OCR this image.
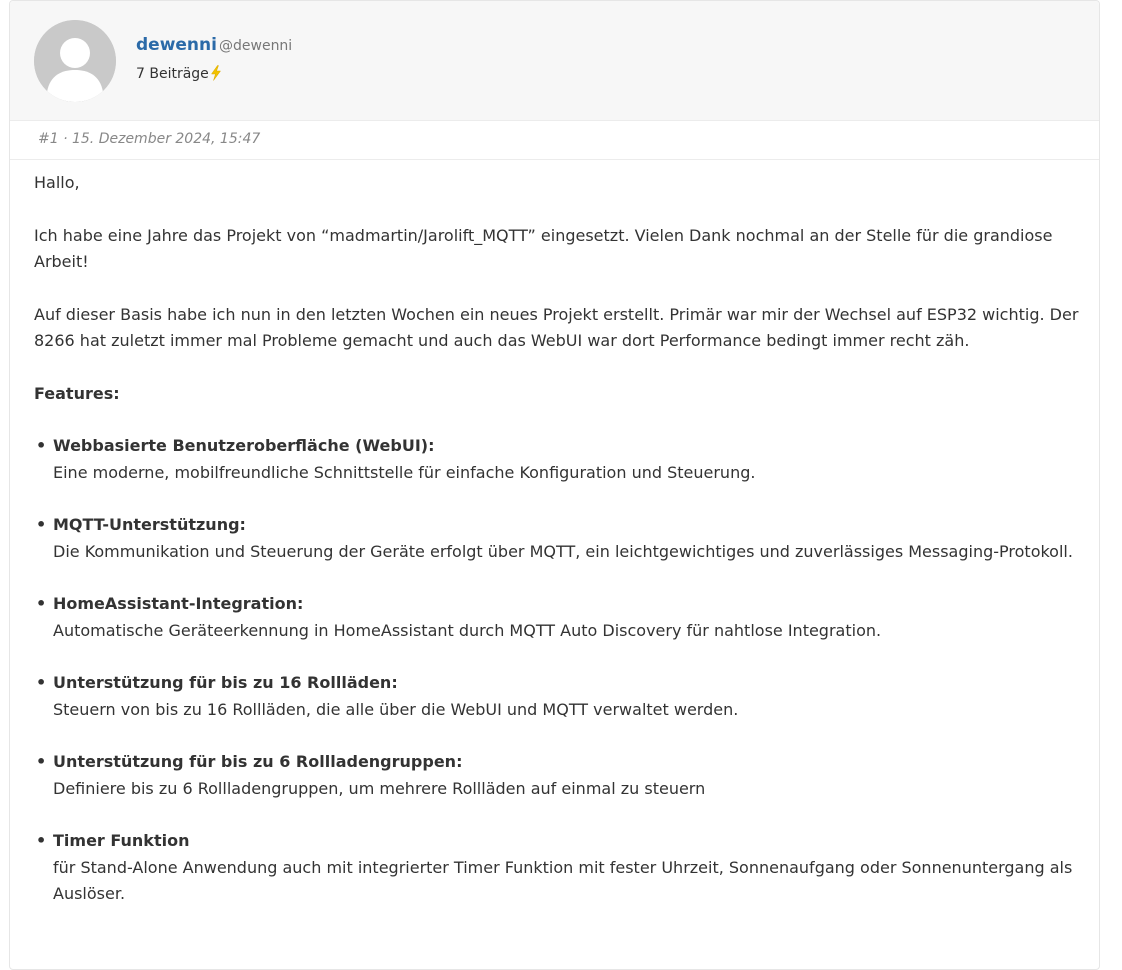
dewenni @dewenni
7 Beiträge
#1 · 15. Dezember 2024, 15:47

Hallo,

Ich habe eine Jahre das Projekt von “madmartin/Jarolift_MQTT” eingesetzt. Vielen Dank nochmal an der Stelle für die grandiose Arbeit!

Auf dieser Basis habe ich nun in den letzten Wochen ein neues Projekt erstellt. Primär war mir der Wechsel auf ESP32 wichtig. Der 8266 hat zuletzt immer mal Probleme gemacht und auch das WebUI war dort Performance bedingt immer recht zäh.

Features:

• Webbasierte Benutzeroberfläche (WebUI):
Eine moderne, mobilfreundliche Schnittstelle für einfache Konfiguration und Steuerung.
• MQTT-Unterstützung:
Die Kommunikation und Steuerung der Geräte erfolgt über MQTT, ein leichtgewichtiges und zuverlässiges Messaging-Protokoll.
• HomeAssistant-Integration:
Automatische Geräteerkennung in HomeAssistant durch MQTT Auto Discovery für nahtlose Integration.
• Unterstützung für bis zu 16 Rollläden:
Steuern von bis zu 16 Rollläden, die alle über die WebUI und MQTT verwaltet werden.
• Unterstützung für bis zu 6 Rollladengruppen:
Definiere bis zu 6 Rollladengruppen, um mehrere Rollläden auf einmal zu steuern
• Timer Funktion
für Stand-Alone Anwendung auch mit integrierter Timer Funktion mit fester Uhrzeit, Sonnenaufgang oder Sonnenuntergang als Auslöser.
